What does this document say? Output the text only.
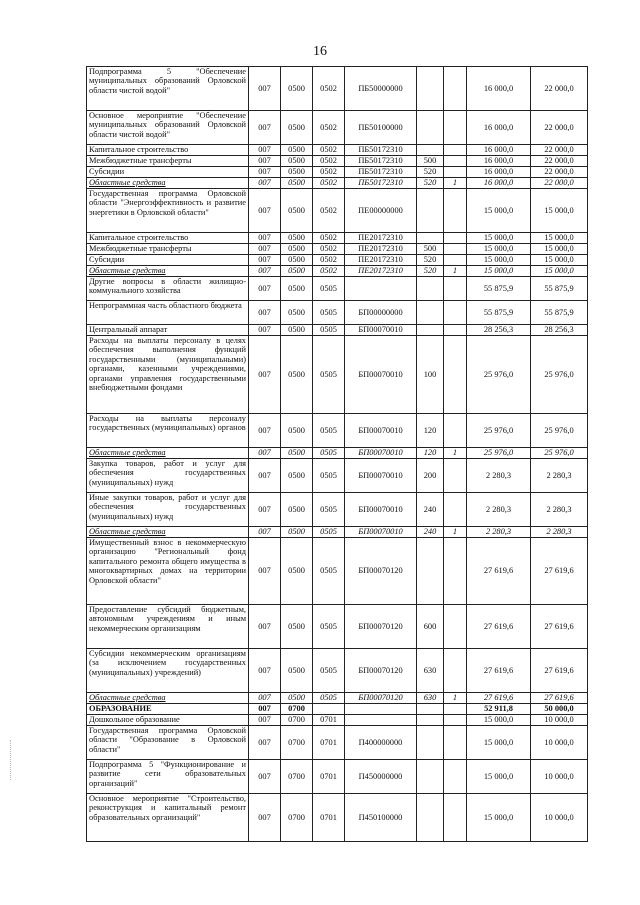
16
Подпрограмма 5 "Обеспечение муниципальных образований Орловской области чистой водой"	007	0500	0502	ПБ50000000			16 000,0	22 000,0
Основное мероприятие "Обеспечение муниципальных образований Орловской области чистой водой"	007	0500	0502	ПБ50100000			16 000,0	22 000,0
Капитальное строительство	007	0500	0502	ПБ50172310			16 000,0	22 000,0
Межбюджетные трансферты	007	0500	0502	ПБ50172310	500		16 000,0	22 000,0
Субсидии	007	0500	0502	ПБ50172310	520		16 000,0	22 000,0
Областные средства	007	0500	0502	ПБ50172310	520	1	16 000,0	22 000,0
Государственная программа Орловской области "Энергоэффективность и развитие энергетики в Орловской области"	007	0500	0502	ПЕ00000000			15 000,0	15 000,0
Капитальное строительство	007	0500	0502	ПЕ20172310			15 000,0	15 000,0
Межбюджетные трансферты	007	0500	0502	ПЕ20172310	500		15 000,0	15 000,0
Субсидии	007	0500	0502	ПЕ20172310	520		15 000,0	15 000,0
Областные средства	007	0500	0502	ПЕ20172310	520	1	15 000,0	15 000,0
Другие вопросы в области жилищно-коммунального хозяйства	007	0500	0505				55 875,9	55 875,9
Непрограммная часть областного бюджета	007	0500	0505	БП00000000			55 875,9	55 875,9
Центральный аппарат	007	0500	0505	БП00070010			28 256,3	28 256,3
Расходы на выплаты персоналу в целях обеспечения выполнения функций государственными (муниципальными) органами, казенными учреждениями, органами управления государственными внебюджетными фондами	007	0500	0505	БП00070010	100		25 976,0	25 976,0
Расходы на выплаты персоналу государственных (муниципальных) органов	007	0500	0505	БП00070010	120		25 976,0	25 976,0
Областные средства	007	0500	0505	БП00070010	120	1	25 976,0	25 976,0
Закупка товаров, работ и услуг для обеспечения государственных (муниципальных) нужд	007	0500	0505	БП00070010	200		2 280,3	2 280,3
Иные закупки товаров, работ и услуг для обеспечения государственных (муниципальных) нужд	007	0500	0505	БП00070010	240		2 280,3	2 280,3
Областные средства	007	0500	0505	БП00070010	240	1	2 280,3	2 280,3
Имущественный взнос в некоммерческую организацию "Региональный фонд капитального ремонта общего имущества в многоквартирных домах на территории Орловской области"	007	0500	0505	БП00070120			27 619,6	27 619,6
Предоставление субсидий бюджетным, автономным учреждениям и иным некоммерческим организациям	007	0500	0505	БП00070120	600		27 619,6	27 619,6
Субсидии некоммерческим организациям (за исключением государственных (муниципальных) учреждений)	007	0500	0505	БП00070120	630		27 619,6	27 619,6
Областные средства	007	0500	0505	БП00070120	630	1	27 619,6	27 619,6
ОБРАЗОВАНИЕ	007	0700					52 911,8	50 000,0
Дошкольное образование	007	0700	0701				15 000,0	10 000,0
Государственная программа Орловской области "Образование в Орловской области"	007	0700	0701	П400000000			15 000,0	10 000,0
Подпрограмма 5 "Функционирование и развитие сети образовательных организаций"	007	0700	0701	П450000000			15 000,0	10 000,0
Основное мероприятие "Строительство, реконструкция и капитальный ремонт образовательных организаций"	007	0700	0701	П450100000			15 000,0	10 000,0
